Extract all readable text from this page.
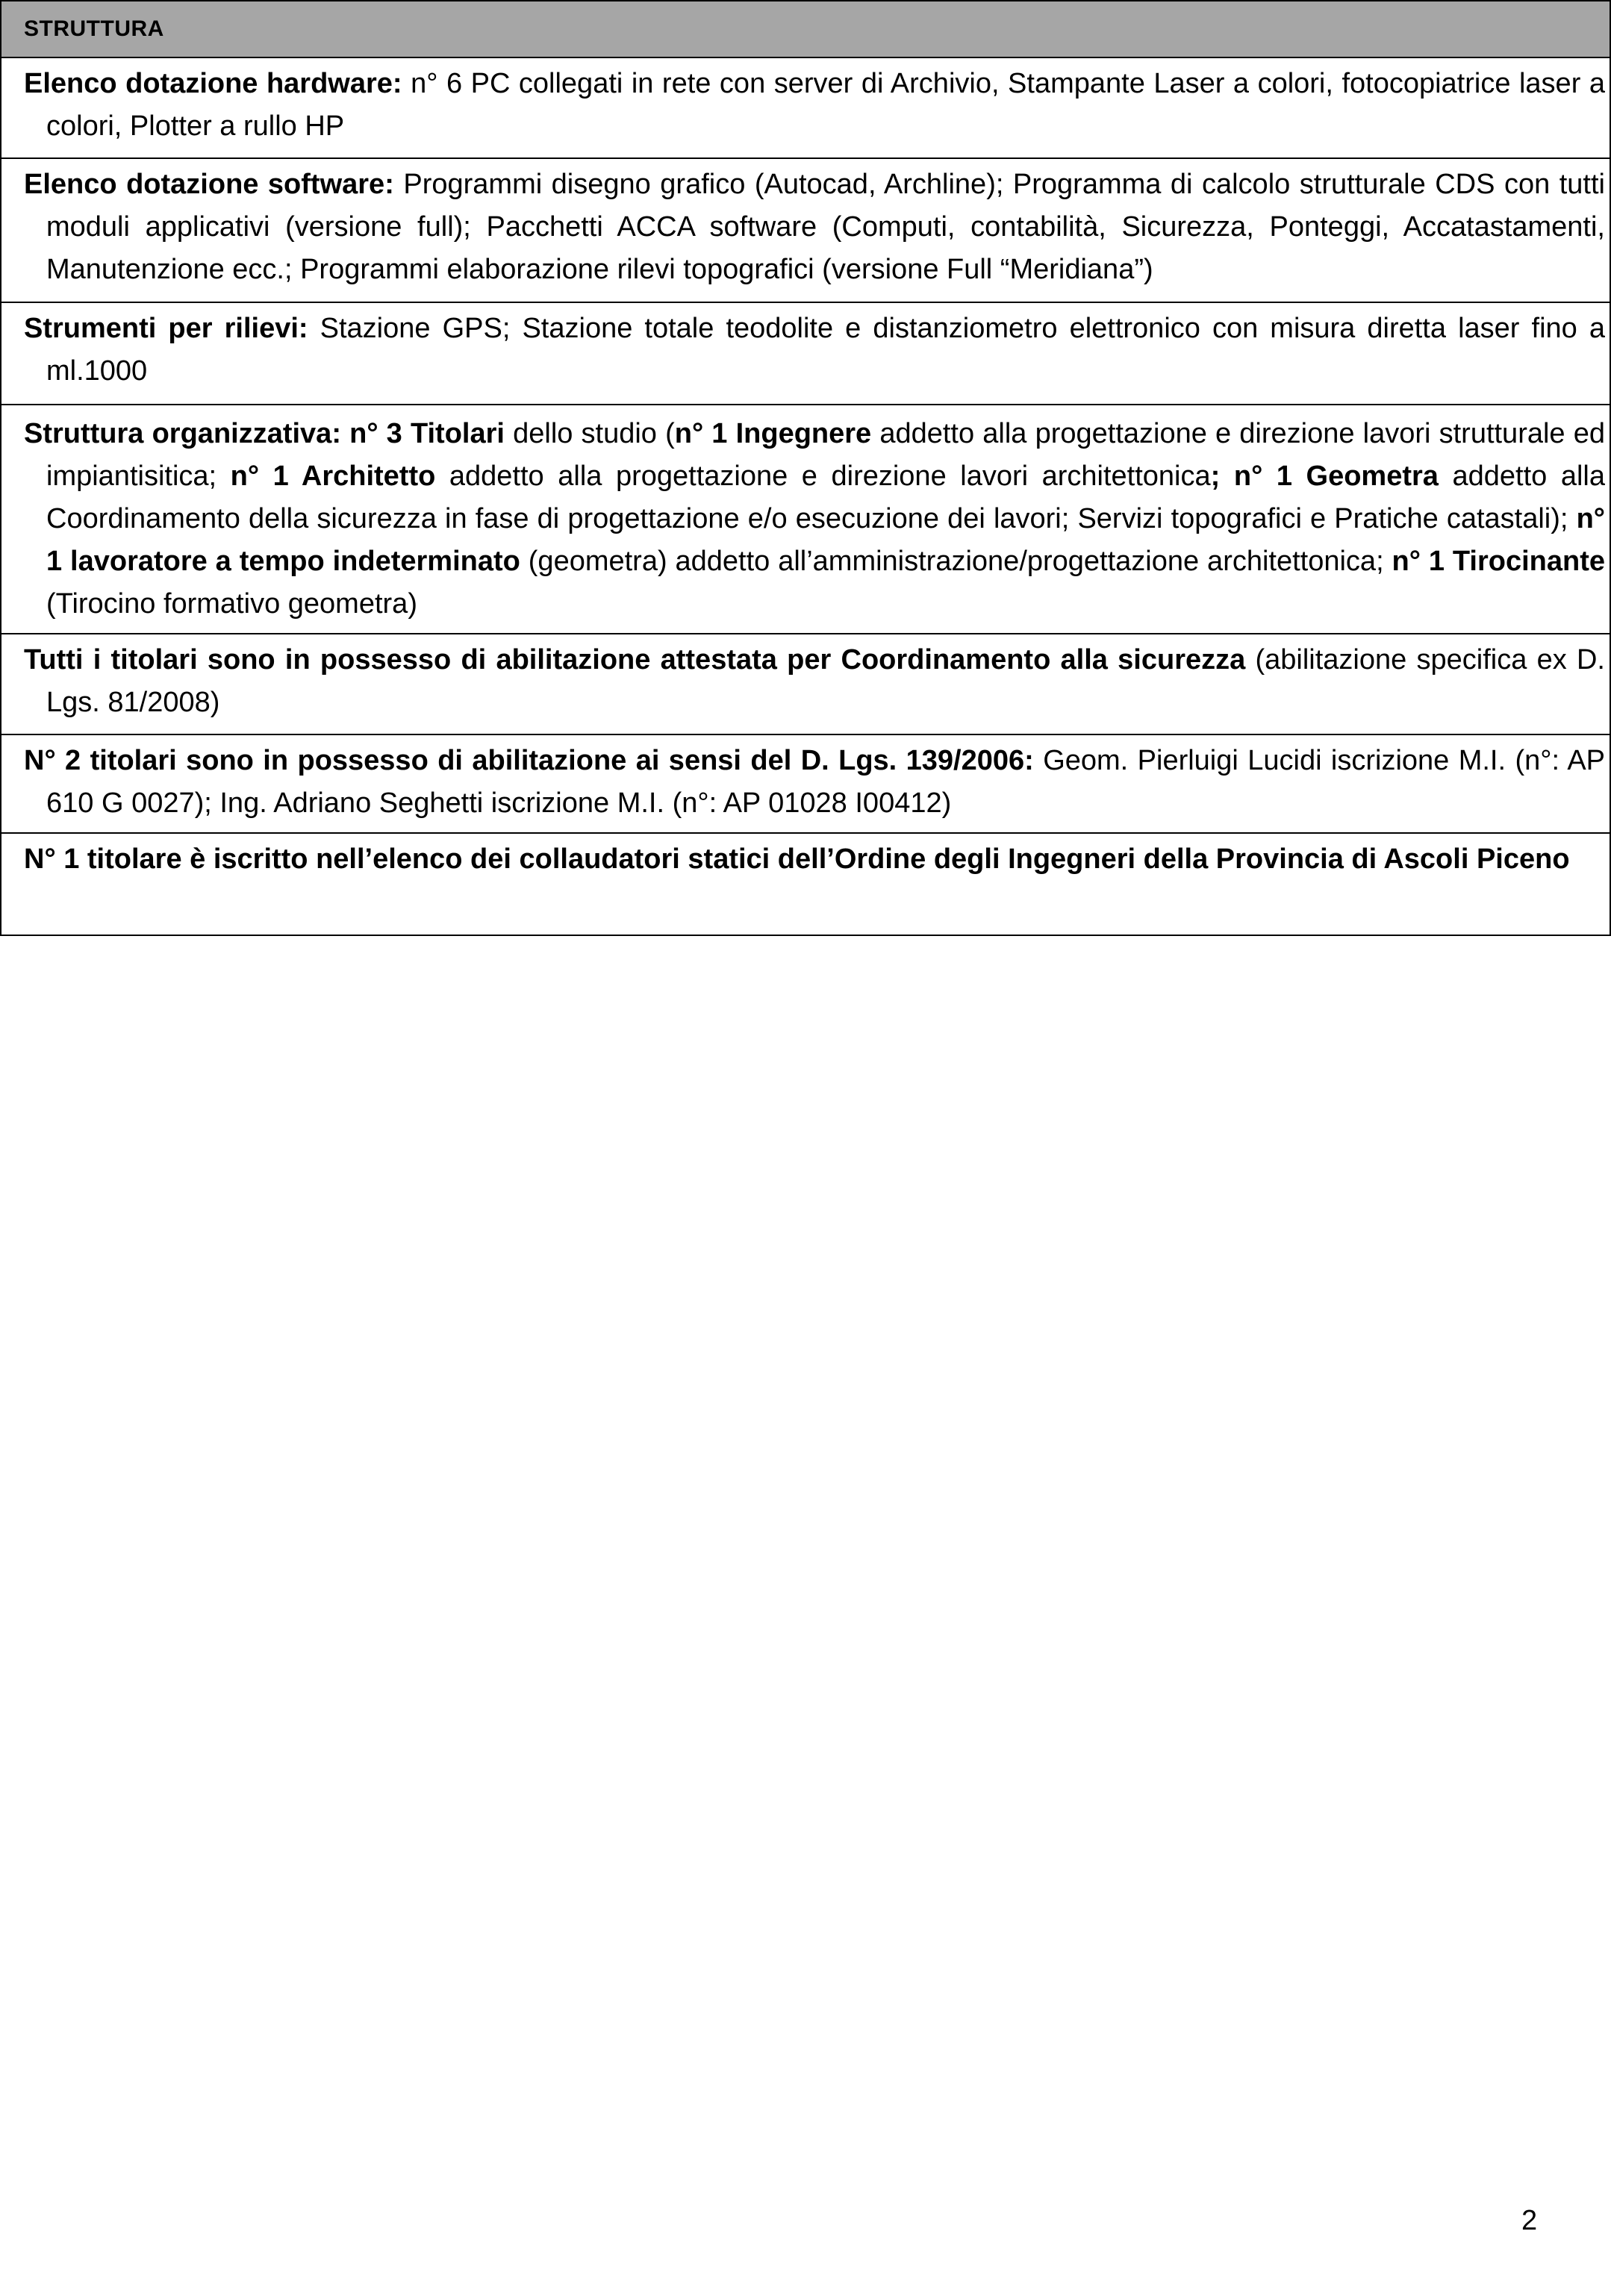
STRUTTURA

Elenco dotazione hardware: n° 6 PC collegati in rete con server di Archivio, Stampante Laser a colori, fotocopiatrice laser a colori, Plotter a rullo HP

Elenco dotazione software: Programmi disegno grafico (Autocad, Archline); Programma di calcolo strutturale CDS con tutti moduli applicativi (versione full); Pacchetti ACCA software (Computi, contabilità, Sicurezza, Ponteggi, Accatastamenti, Manutenzione ecc.; Programmi elaborazione rilevi topografici (versione Full “Meridiana”)

Strumenti per rilievi: Stazione GPS; Stazione totale teodolite e distanziometro elettronico con misura diretta laser fino a ml.1000

Struttura organizzativa: n° 3 Titolari dello studio (n° 1 Ingegnere addetto alla progettazione e direzione lavori strutturale ed impiantisitica; n° 1 Architetto addetto alla progettazione e direzione lavori architettonica; n° 1 Geometra addetto alla Coordinamento della sicurezza in fase di progettazione e/o esecuzione dei lavori; Servizi topografici e Pratiche catastali); n° 1 lavoratore a tempo indeterminato (geometra) addetto all’amministrazione/progettazione architettonica; n° 1 Tirocinante (Tirocino formativo geometra)

Tutti i titolari sono in possesso di abilitazione attestata per Coordinamento alla sicurezza (abilitazione specifica ex D. Lgs. 81/2008)

N° 2 titolari sono in possesso di abilitazione ai sensi del D. Lgs. 139/2006: Geom. Pierluigi Lucidi iscrizione M.I. (n°: AP 610 G 0027); Ing. Adriano Seghetti iscrizione M.I. (n°: AP 01028 I00412)

N° 1 titolare è iscritto nell’elenco dei collaudatori statici dell’Ordine degli Ingegneri della Provincia di Ascoli Piceno
2
